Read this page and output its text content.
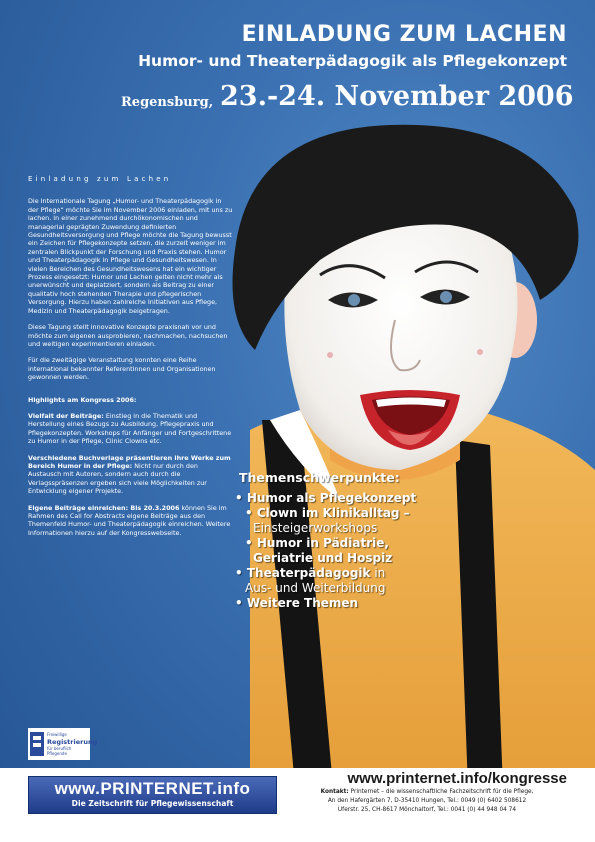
EINLADUNG ZUM LACHEN
Humor- und Theaterpädagogik als Pflegekonzept
Regensburg, 23.-24. November 2006

Einladung zum Lachen

Die Internationale Tagung „Humor- und Theaterpädagogik in der Pflege“ möchte Sie im November 2006 einladen, mit uns zu lachen. In einer zunehmend durchökonomischen und managerial geprägten Zuwendung definierten Gesundheitsversorgung und Pflege möchte die Tagung bewusst ein Zeichen für Pflegekonzepte setzen, die zurzeit weniger im zentralen Blickpunkt der Forschung und Praxis stehen. Humor und Theaterpädagogik in Pflege und Gesundheitswesen. In vielen Bereichen des Gesundheitswesens hat ein wichtiger Prozess eingesetzt: Humor und Lachen gelten nicht mehr als unerwünscht und deplatziert, sondern als Beitrag zu einer qualitativ hoch stehenden Therapie und pflegerischen Versorgung. Hierzu haben zahlreiche Initiativen aus Pflege, Medizin und Theaterpädagogik beigetragen.

Diese Tagung stellt innovative Konzepte praxisnah vor und möchte zum eigenen ausprobieren, nachmachen, nachsuchen und weitigen experimentieren einladen.

Für die zweitägige Veranstaltung konnten eine Reihe international bekannter Referentinnen und Organisationen gewonnen werden.

Highlights am Kongress 2006:

Vielfalt der Beiträge: Einstieg in die Thematik und Herstellung eines Bezugs zu Ausbildung, Pflegepraxis und Pflegekonzepten. Workshops für Anfänger und Fortgeschrittene zu Humor in der Pflege, Clinic Clowns etc.

Verschiedene Buchverlage präsentieren ihre Werke zum Bereich Humor in der Pflege: Nicht nur durch den Austausch mit Autoren, sondern auch durch die Verlagsspräsenzen ergeben sich viele Möglichkeiten zur Entwicklung eigener Projekte.

Eigene Beiträge einreichen: Bis 20.3.2006 können Sie im Rahmen des Call for Abstracts eigene Beiträge aus den Themenfeld Humor- und Theaterpädagogik einreichen. Weitere Informationen hierzu auf der Kongresswebseite.

Themenschwerpunkte:
• Humor als Pflegekonzept
• Clown im Klinikalltag –
Einsteigerworkshops
• Humor in Pädiatrie,
Geriatrie und Hospiz
• Theaterpädagogik in
Aus- und Weiterbildung
• Weitere Themen
Freiwillige
Registrierung
für beruflich
Pflegende
www.PRINTERNET.info
Die Zeitschrift für Pflegewissenschaft
www.printernet.info/kongresse
Kontakt: Printernet – die wissenschaftliche Fachzeitschrift für die Pflege,
An den Hafergärten 7, D-35410 Hungen, Tel.: 0049 (0) 6402 508612
Uferstr. 25, CH-8617 Mönchaltorf, Tel.: 0041 (0) 44 948 04 74
